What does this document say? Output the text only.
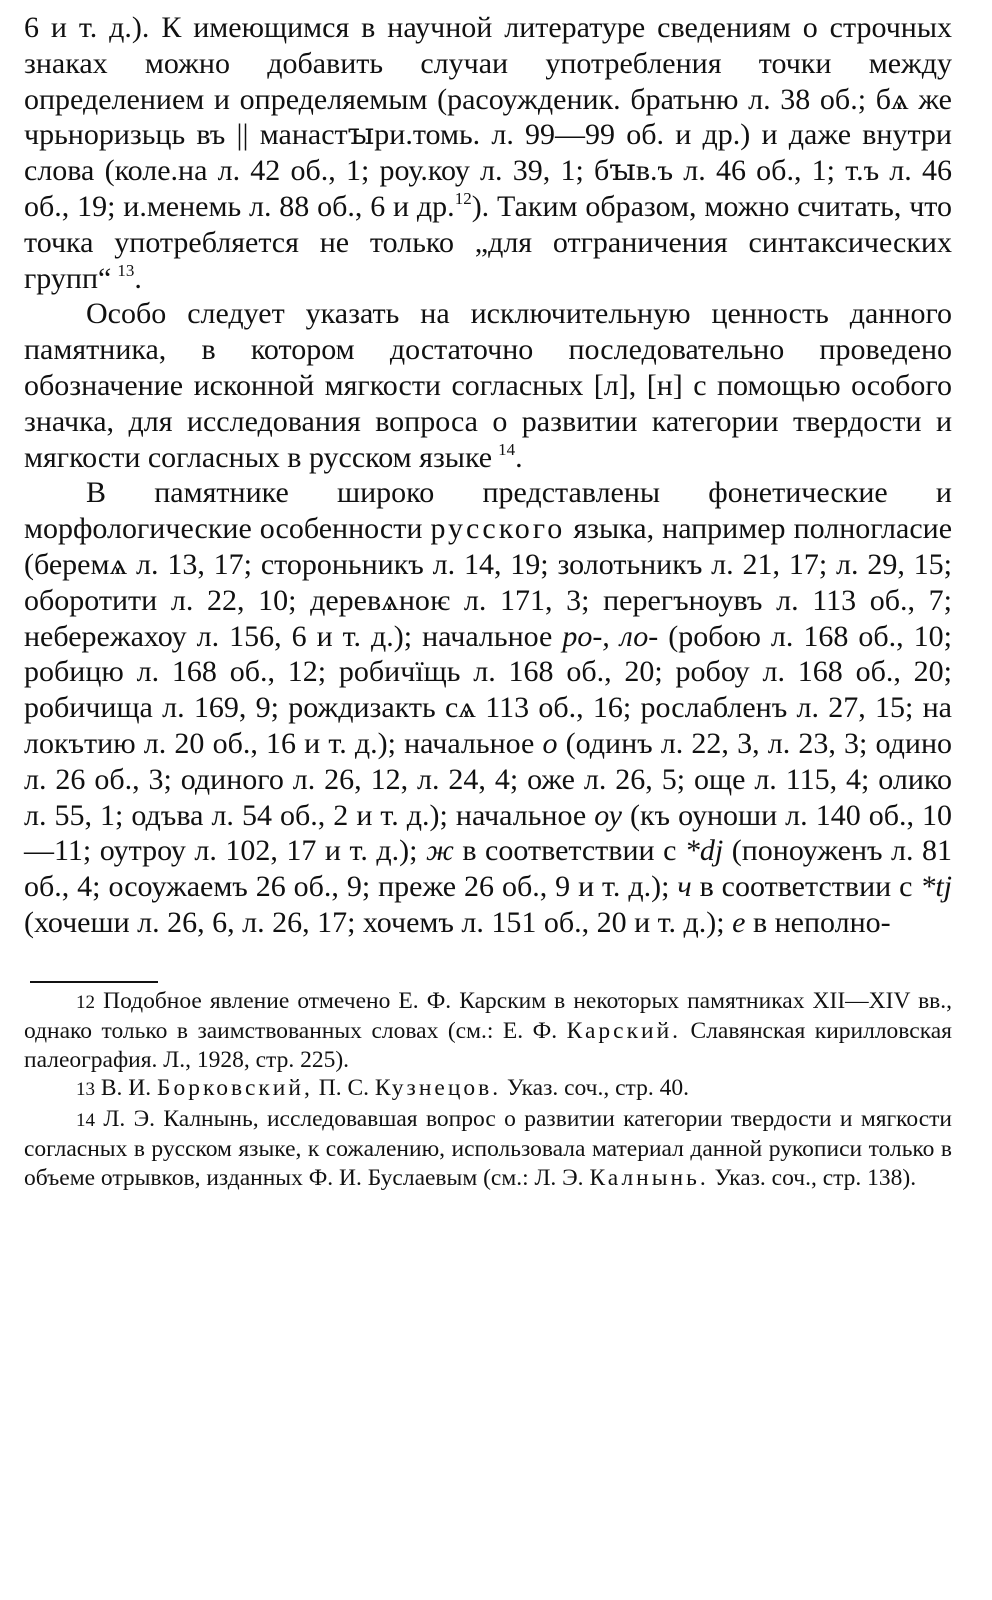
6 и т. д.). К имеющимся в научной литературе сведениям о строчных знаках можно добавить случаи употребления точки между определением и определяемым (расоужденик. братьню л. 38 об.; бѧ же чрьноризьць въ || манастꙑри.томь. л. 99—99 об. и др.) и даже внутри слова (коле.на л. 42 об., 1; роу.коу л. 39, 1; бꙑв.ъ л. 46 об., 1; т.ъ л. 46 об., 19; и.менемь л. 88 об., 6 и др.$^{12}$). Таким образом, можно считать, что точка употребляется не только „для отграничения синтаксических групп“  $^{13}$.

Особо следует указать на исключительную ценность данного памятника, в котором достаточно последовательно проведено обозначение исконной мягкости согласных [л], [н] с помощью особого значка, для исследования вопроса о развитии категории твердости и мягкости согласных в русском языке  $^{14}$.

В памятнике широко представлены фонетические и морфологические особенности русского языка, например полногласие (беремѧ л. 13, 17; стороньникъ л. 14, 19; золотьникъ л. 21, 17; л. 29, 15; оборотити л. 22, 10; деревѧноѥ л. 171, 3; перегъноувъ л. 113 об., 7; небережахоу л. 156, 6 и т. д.); начальное ро-, ло- (робою л. 168 об., 10; робицю л. 168 об., 12; робичїщь л. 168 об., 20; робоу л. 168 об., 20; робичища л. 169, 9; рождизакть сѧ 113 об., 16; рослабленъ л. 27, 15; на локътию л. 20 об., 16 и т. д.); начальное о (одинъ л. 22, 3, л. 23, 3; одино л. 26 об., 3; одиного л. 26, 12, л. 24, 4; оже л. 26, 5; още л. 115, 4; олико л. 55, 1; одъва л. 54 об., 2 и т. д.); начальное оу (къ оуноши л. 140 об., 10—11; оутроу л. 102, 17 и т. д.); ж в соответствии с *dj (поноуженъ л. 81 об., 4; осоужаемъ 26 об., 9; преже 26 об., 9 и т. д.); ч в соответствии с *tj (хочеши л. 26, 6, л. 26, 17; хочемъ л. 151 об., 20 и т. д.); е в неполно-

12 Подобное явление отмечено Е. Ф. Карским в некоторых памятниках XII—XIV вв., однако только в заимствованных словах (см.: Е. Ф. Карский. Славянская кирилловская палеография. Л., 1928, стр. 225).

13 В. И. Борковский, П. С. Кузнецов. Указ. соч., стр. 40.

14 Л. Э. Калнынь, исследовавшая вопрос о развитии категории твердости и мягкости согласных в русском языке, к сожалению, использовала материал данной рукописи только в объеме отрывков, изданных Ф. И. Буслаевым (см.: Л. Э. Калнынь. Указ. соч., стр. 138).
